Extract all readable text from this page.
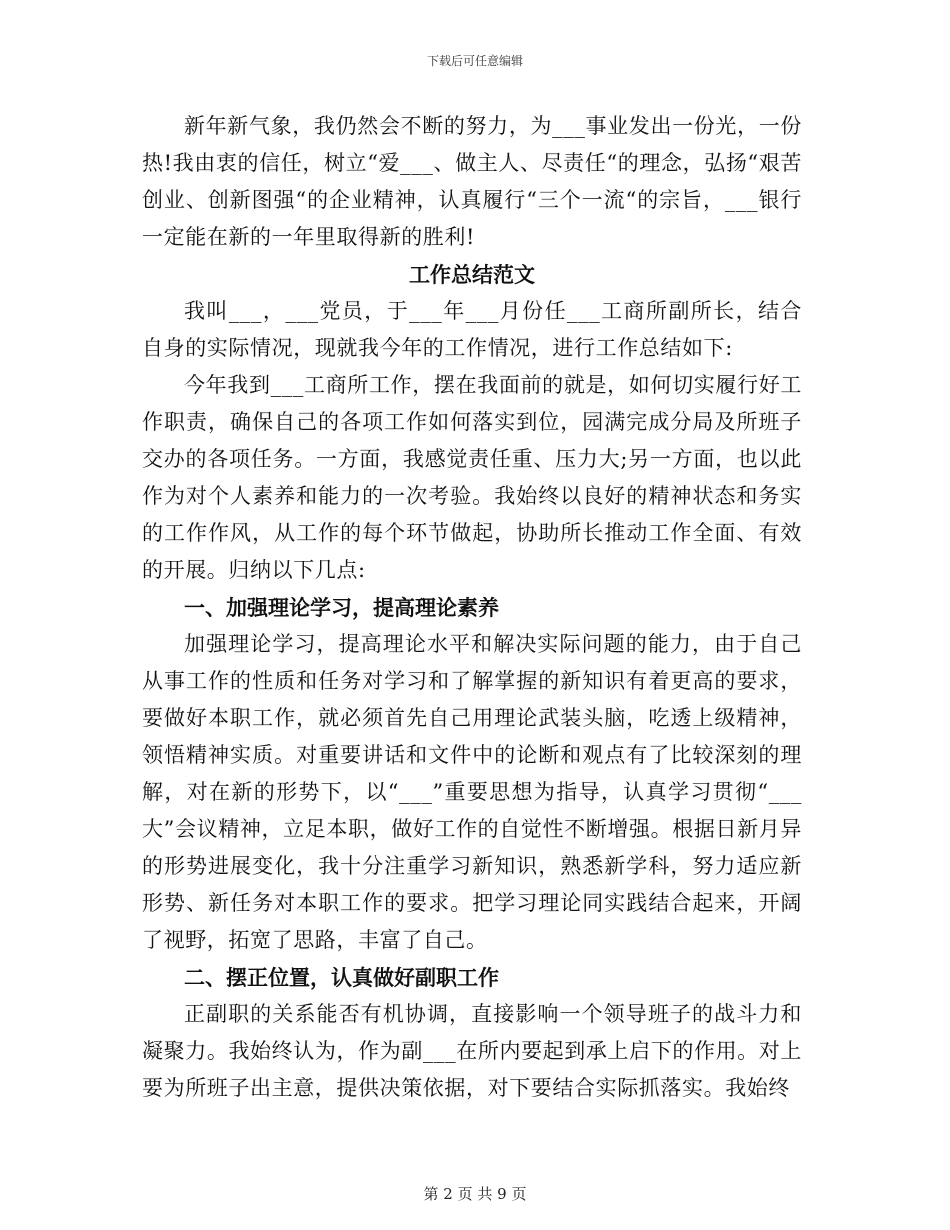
下载后可任意编辑

新年新气象，我仍然会不断的努力，为___事业发出一份光，一份热!我由衷的信任，树立“爱___、做主人、尽责任“的理念，弘扬“艰苦创业、创新图强“的企业精神，认真履行“三个一流“的宗旨，___银行一定能在新的一年里取得新的胜利!

工作总结范文

我叫___，___党员，于___年___月份任___工商所副所长，结合自身的实际情况，现就我今年的工作情况，进行工作总结如下:

今年我到___工商所工作，摆在我面前的就是，如何切实履行好工作职责，确保自己的各项工作如何落实到位，园满完成分局及所班子交办的各项任务。一方面，我感觉责任重、压力大;另一方面，也以此作为对个人素养和能力的一次考验。我始终以良好的精神状态和务实的工作作风，从工作的每个环节做起，协助所长推动工作全面、有效的开展。归纳以下几点:

一、加强理论学习，提高理论素养

加强理论学习，提高理论水平和解决实际问题的能力，由于自己从事工作的性质和任务对学习和了解掌握的新知识有着更高的要求，要做好本职工作，就必须首先自己用理论武装头脑，吃透上级精神，领悟精神实质。对重要讲话和文件中的论断和观点有了比较深刻的理解，对在新的形势下，以“___”重要思想为指导，认真学习贯彻“___大”会议精神，立足本职，做好工作的自觉性不断增强。根据日新月异的形势进展变化，我十分注重学习新知识，熟悉新学科，努力适应新形势、新任务对本职工作的要求。把学习理论同实践结合起来，开阔了视野，拓宽了思路，丰富了自己。

二、摆正位置，认真做好副职工作

正副职的关系能否有机协调，直接影响一个领导班子的战斗力和凝聚力。我始终认为，作为副___在所内要起到承上启下的作用。对上要为所班子出主意，提供决策依据，对下要结合实际抓落实。我始终

第 2 页 共 9 页
